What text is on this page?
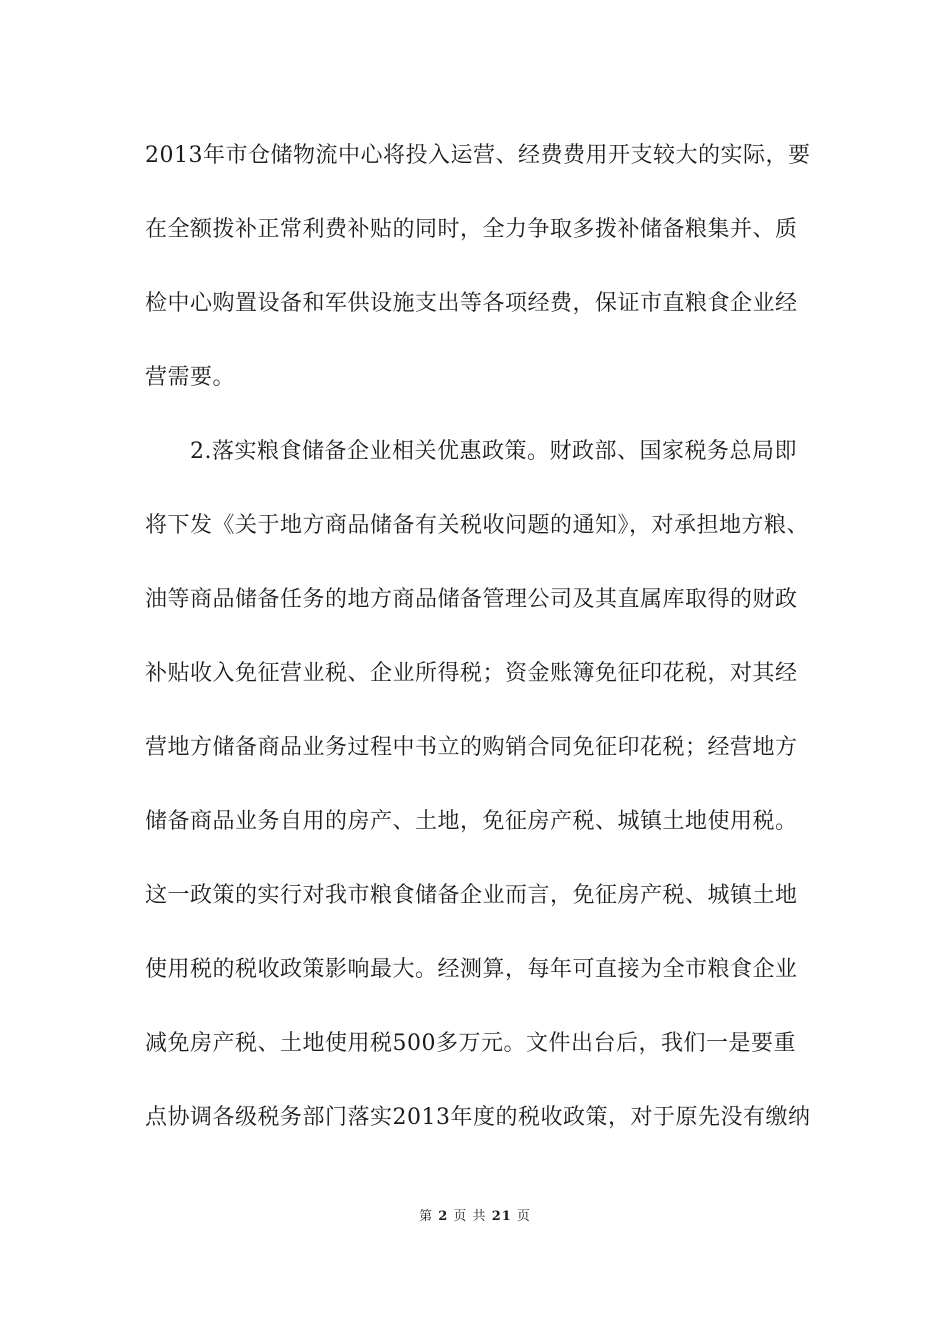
2013年市仓储物流中心将投入运营、经费费用开支较大的实际，要
在全额拨补正常利费补贴的同时，全力争取多拨补储备粮集并、质
检中心购置设备和军供设施支出等各项经费，保证市直粮食企业经
营需要。
2.落实粮食储备企业相关优惠政策。财政部、国家税务总局即
将下发《关于地方商品储备有关税收问题的通知》，对承担地方粮、
油等商品储备任务的地方商品储备管理公司及其直属库取得的财政
补贴收入免征营业税、企业所得税；资金账簿免征印花税，对其经
营地方储备商品业务过程中书立的购销合同免征印花税；经营地方
储备商品业务自用的房产、土地，免征房产税、城镇土地使用税。
这一政策的实行对我市粮食储备企业而言，免征房产税、城镇土地
使用税的税收政策影响最大。经测算，每年可直接为全市粮食企业
减免房产税、土地使用税500多万元。文件出台后，我们一是要重
点协调各级税务部门落实2013年度的税收政策，对于原先没有缴纳
第 2 页 共 21 页
